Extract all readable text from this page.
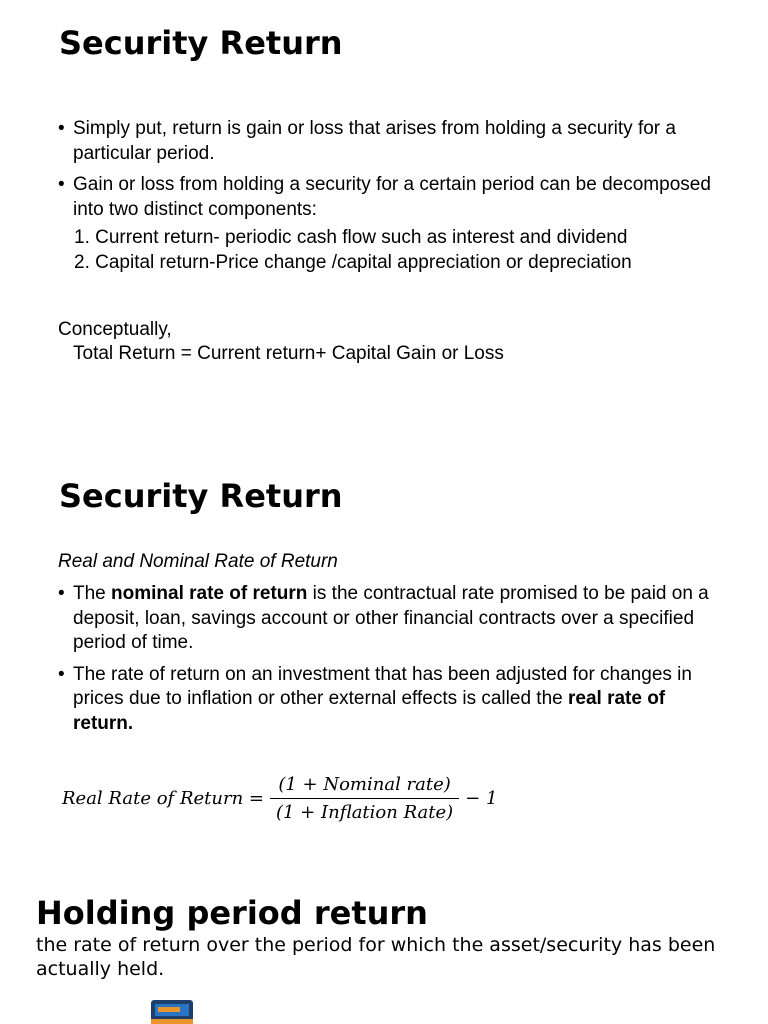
Security Return
• Simply put, return is gain or loss that arises from holding a security for a particular period.
• Gain or loss from holding a security for a certain period can be decomposed into two distinct components:
1. Current return- periodic cash flow such as interest and dividend
2. Capital return-Price change /capital appreciation or depreciation
Conceptually,
Total Return = Current return+ Capital Gain or Loss
Security Return
Real and Nominal Rate of Return
• The nominal rate of return is the contractual rate promised to be paid on a deposit, loan, savings account or other financial contracts over a specified period of time.
• The rate of return on an investment that has been adjusted for changes in prices due to inflation or other external effects is called the real rate of return.
Real Rate of Return = $\frac{\text{(1 + Nominal rate)}}{\text{(1 + Inflation Rate)}} - 1$
Holding period return
the rate of return over the period for which the asset/security has been actually held.
